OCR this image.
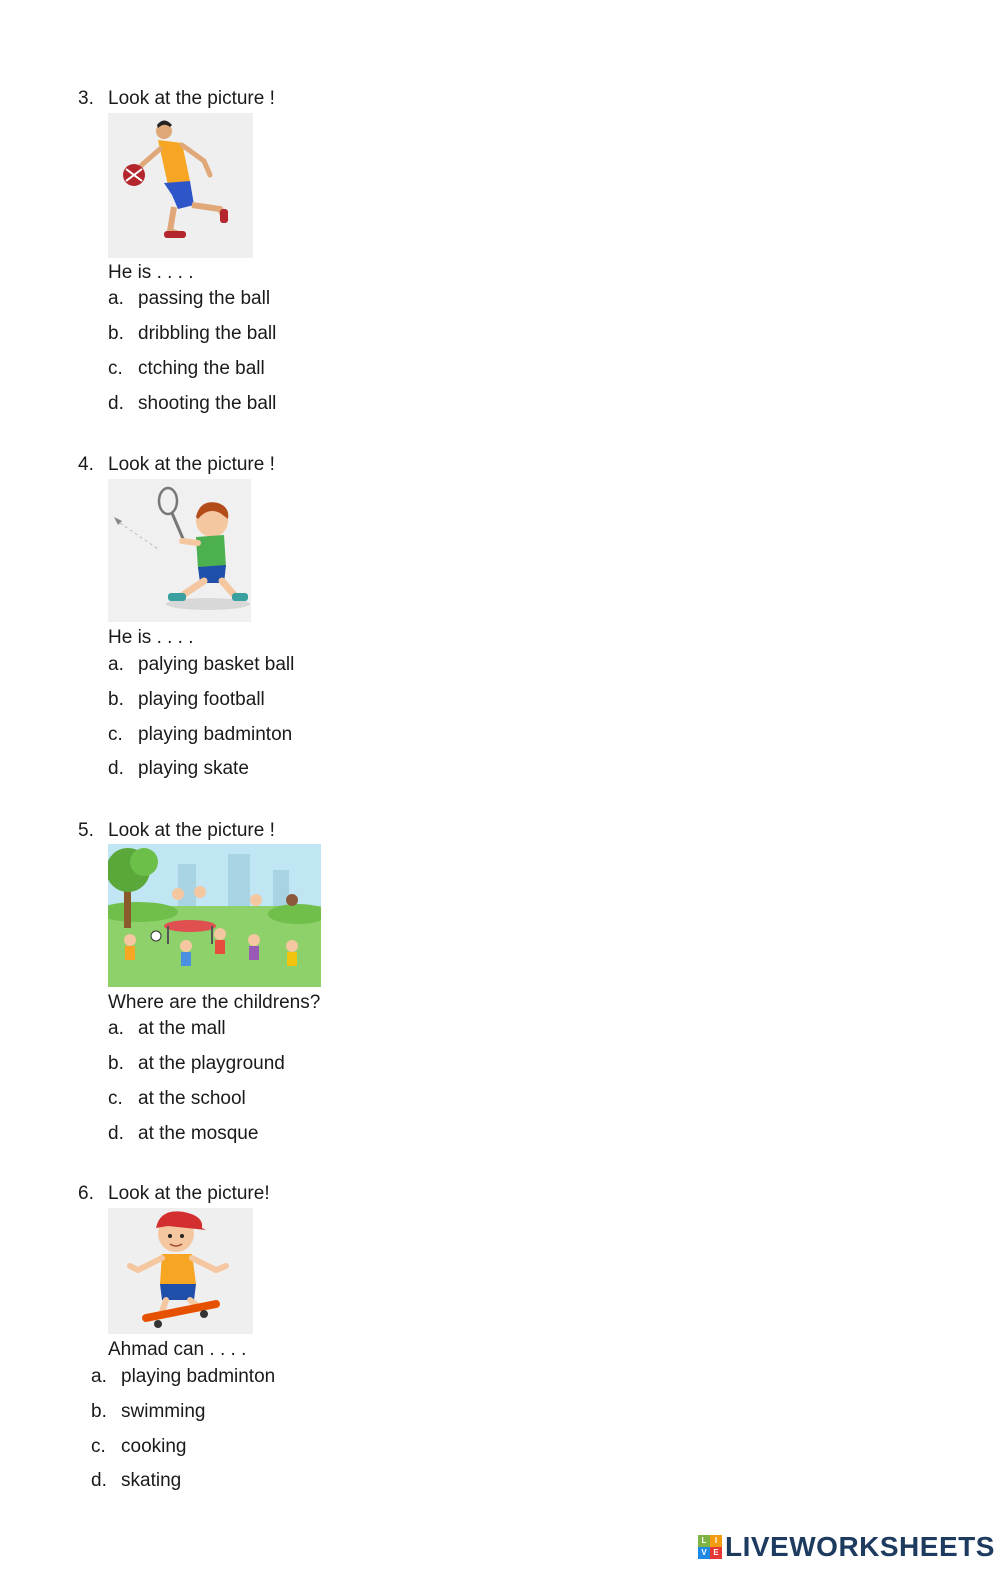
3. Look at the picture !
He is . . . .
a. passing the ball
b. dribbling the ball
c. ctching the ball
d. shooting the ball
4. Look at the picture !
He is . . . .
a. palying basket ball
b. playing football
c. playing badminton
d. playing skate
5. Look at the picture !
Where are the childrens?
a. at the mall
b. at the playground
c. at the school
d. at the mosque
6. Look at the picture!
Ahmad can . . . .
a. playing badminton
b. swimming
c. cooking
d. skating
L	I
V E LIVEWORKSHEETS
